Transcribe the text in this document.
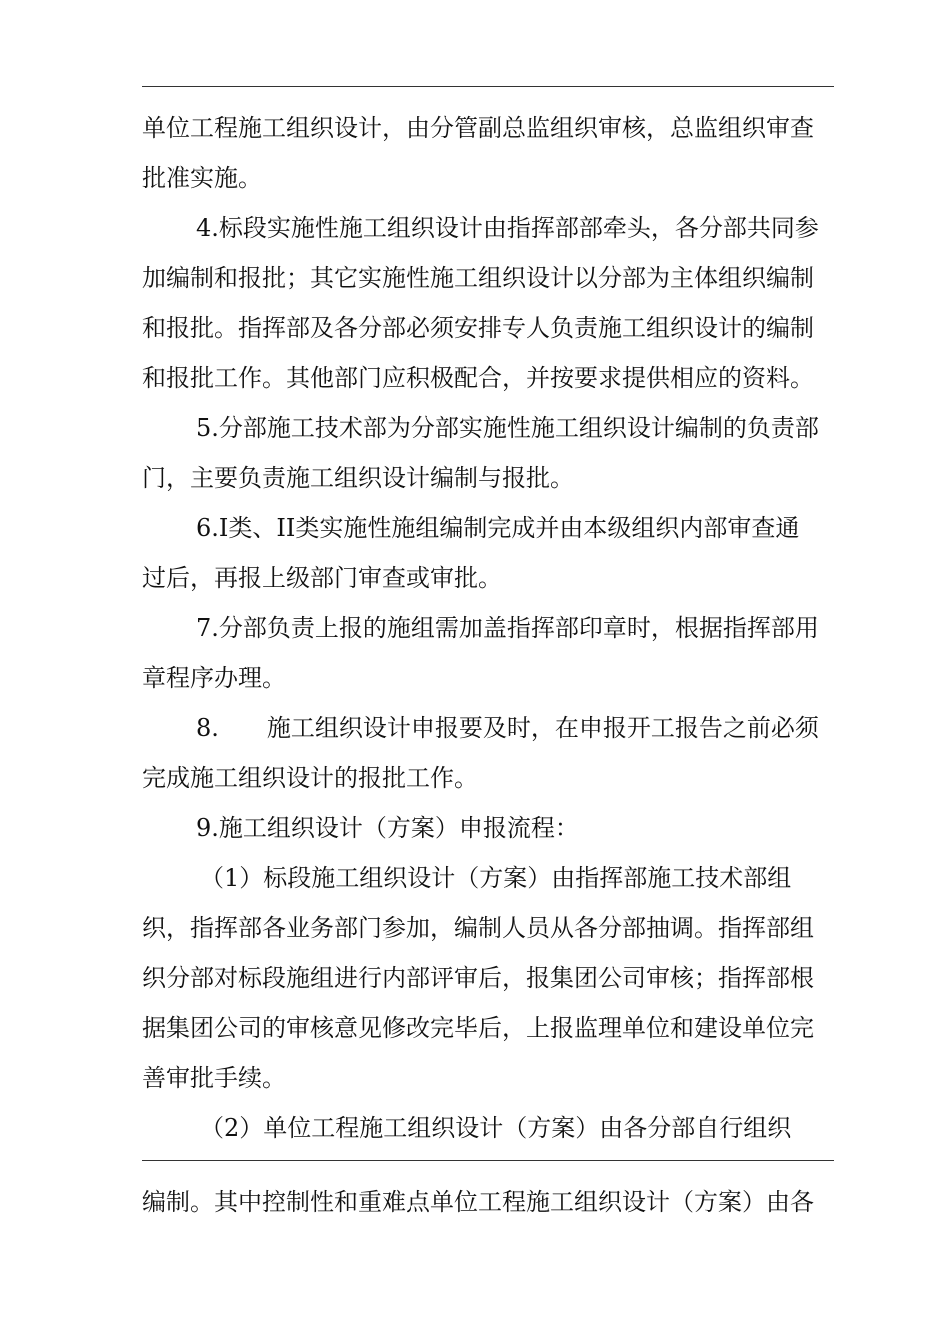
单位工程施工组织设计，由分管副总监组织审核，总监组织审查
批准实施。
4.标段实施性施工组织设计由指挥部部牵头，各分部共同参
加编制和报批；其它实施性施工组织设计以分部为主体组织编制
和报批。指挥部及各分部必须安排专人负责施工组织设计的编制
和报批工作。其他部门应积极配合，并按要求提供相应的资料。
5.分部施工技术部为分部实施性施工组织设计编制的负责部
门，主要负责施工组织设计编制与报批。
6.I类、II类实施性施组编制完成并由本级组织内部审查通
过后，再报上级部门审查或审批。
7.分部负责上报的施组需加盖指挥部印章时，根据指挥部用
章程序办理。
8.　　施工组织设计申报要及时，在申报开工报告之前必须
完成施工组织设计的报批工作。
9.施工组织设计（方案）申报流程：
（1）标段施工组织设计（方案）由指挥部施工技术部组
织，指挥部各业务部门参加，编制人员从各分部抽调。指挥部组
织分部对标段施组进行内部评审后，报集团公司审核；指挥部根
据集团公司的审核意见修改完毕后，上报监理单位和建设单位完
善审批手续。
（2）单位工程施工组织设计（方案）由各分部自行组织
编制。其中控制性和重难点单位工程施工组织设计（方案）由各
